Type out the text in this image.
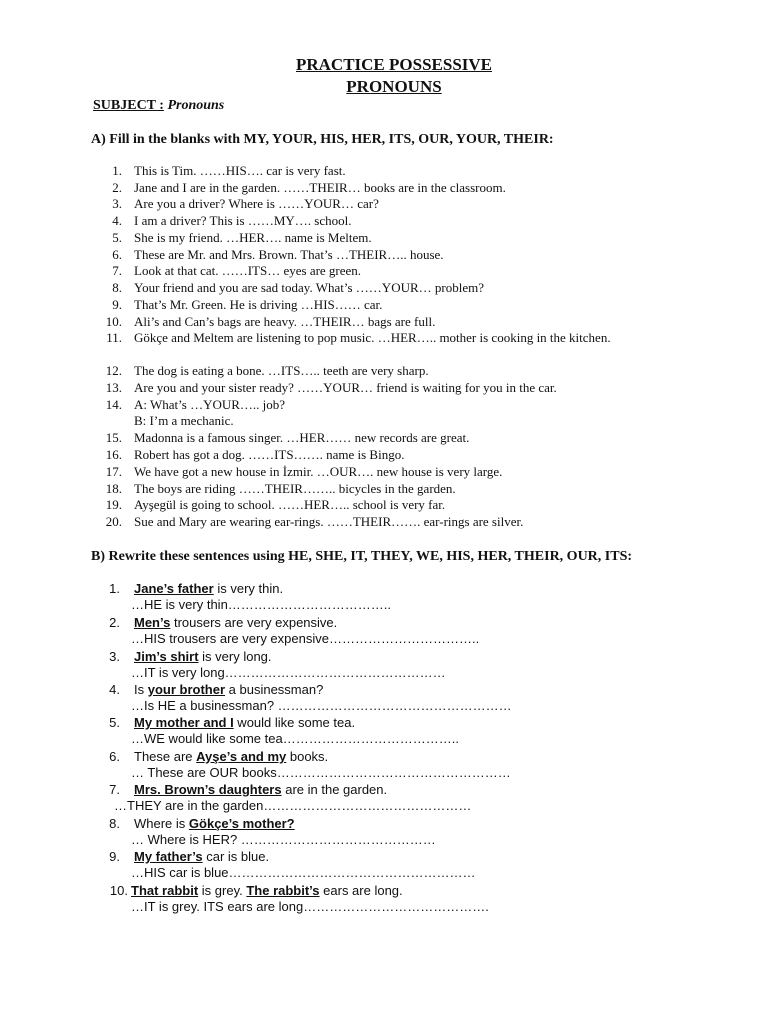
PRACTICE POSSESSIVE
PRONOUNS
SUBJECT : Pronouns
A) Fill in the blanks with MY, YOUR, HIS, HER, ITS, OUR, YOUR, THEIR:
1. This is Tim. ……HIS…. car is very fast.
2. Jane and I are in the garden. ……THEIR… books are in the classroom.
3. Are you a driver? Where is ……YOUR… car?
4. I am a driver? This is ……MY…. school.
5. She is my friend. …HER…. name is Meltem.
6. These are Mr. and Mrs. Brown. That’s …THEIR….. house.
7. Look at that cat. ……ITS… eyes are green.
8. Your friend and you are sad today. What’s ……YOUR… problem?
9. That’s Mr. Green. He is driving …HIS…… car.
10. Ali’s and Can’s bags are heavy. …THEIR… bags are full.
11. Gökçe and Meltem are listening to pop music. …HER….. mother is cooking in the kitchen.
12. The dog is eating a bone. …ITS….. teeth are very sharp.
13. Are you and your sister ready? ……YOUR… friend is waiting for you in the car.
14. A: What’s …YOUR….. job?
B: I’m a mechanic.
15. Madonna is a famous singer. …HER…… new records are great.
16. Robert has got a dog. ……ITS……. name is Bingo.
17. We have got a new house in İzmir. …OUR…. new house is very large.
18. The boys are riding ……THEIR…….. bicycles in the garden.
19. Ayşegül is going to school. ……HER….. school is very far.
20. Sue and Mary are wearing ear-rings. ……THEIR……. ear-rings are silver.
B) Rewrite these sentences using HE, SHE, IT, THEY, WE, HIS, HER, THEIR, OUR, ITS:
1. Jane’s father is very thin.
…HE is very thin………………………………..
2. Men’s trousers are very expensive.
…HIS trousers are very expensive……………………………..
3. Jim’s shirt is very long.
…IT is very long……………………………………………
4. Is your brother a businessman?
…Is HE a businessman? ………………………………………………
5. My mother and I would like some tea.
…WE would like some tea…………………………………..
6. These are Ayşe’s and my books.
… These are OUR books………………………………………………
7. Mrs. Brown’s daughters are in the garden.
…THEY are in the garden…………………………………………
8. Where is Gökçe’s mother?
… Where is HER? ………………………………………
9. My father’s car is blue.
…HIS car is blue…………………………………………………
10. That rabbit is grey. The rabbit’s ears are long.
…IT is grey. ITS ears are long…………………………………….
